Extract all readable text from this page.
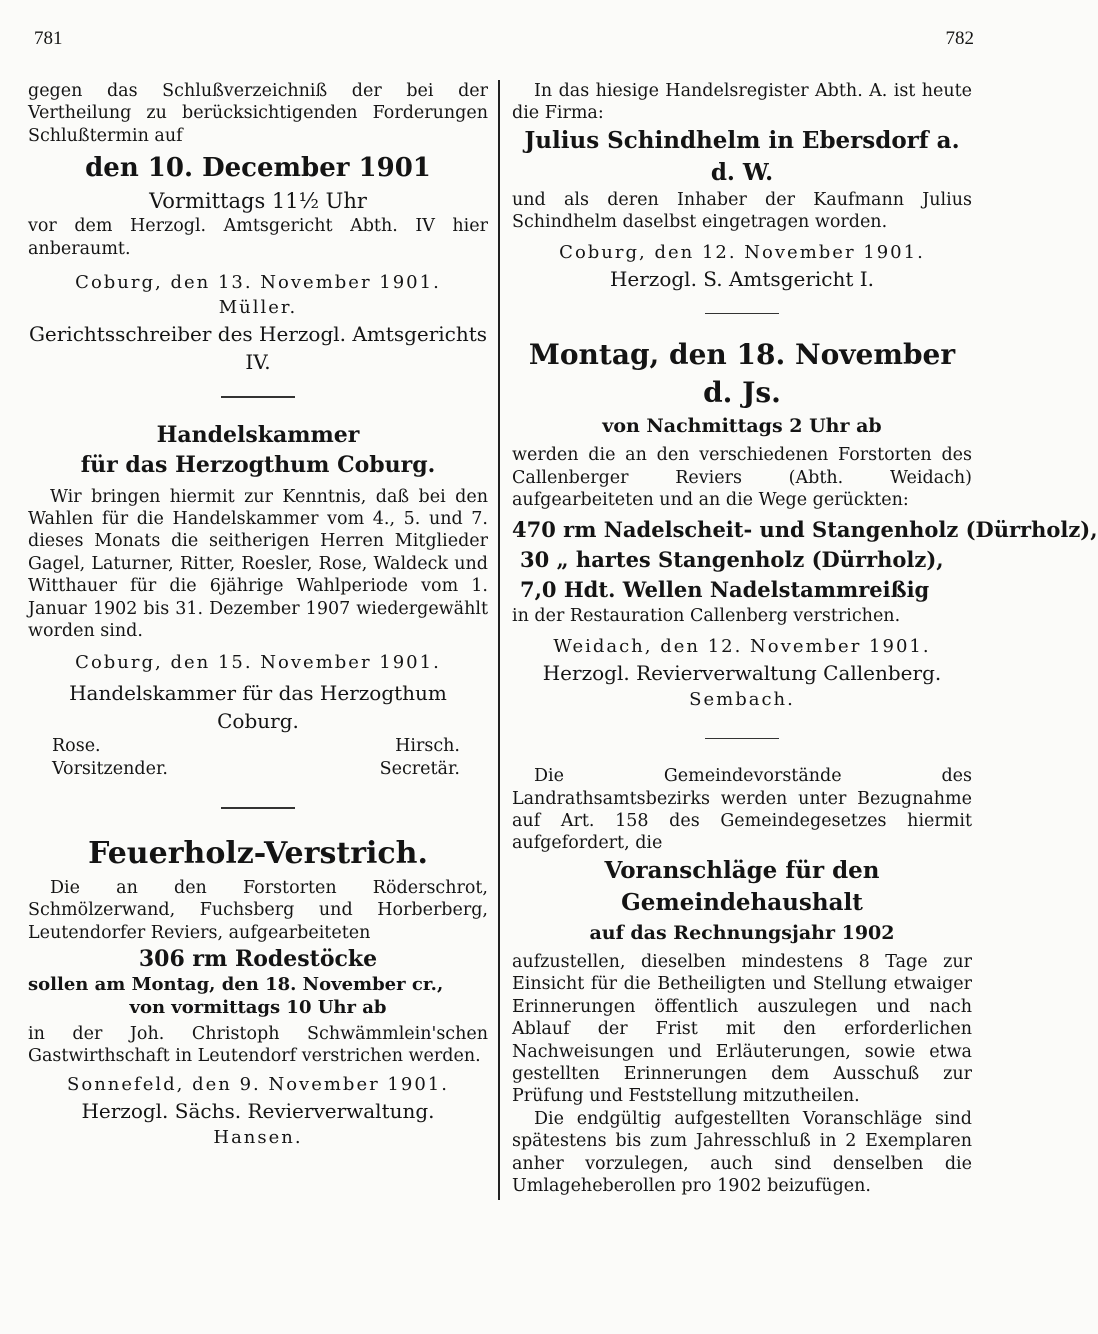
781	782

gegen das Schlußverzeichniß der bei der Vertheilung zu berücksichtigenden Forderungen Schlußtermin auf

den 10. December 1901

Vormittags 11½ Uhr

vor dem Herzogl. Amtsgericht Abth. IV hier anberaumt.

Coburg, den 13. November 1901.

Müller.

Gerichtsschreiber des Herzogl. Amtsgerichts IV.

Handelskammer

für das Herzogthum Coburg.

Wir bringen hiermit zur Kenntnis, daß bei den Wahlen für die Handelskammer vom 4., 5. und 7. dieses Monats die seitherigen Herren Mitglieder Gagel, Laturner, Ritter, Roesler, Rose, Waldeck und Witthauer für die 6jährige Wahlperiode vom 1. Januar 1902 bis 31. Dezember 1907 wiedergewählt worden sind.

Coburg, den 15. November 1901.

Handelskammer für das Herzogthum Coburg.

Rose.	Hirsch.
Vorsitzender.	Secretär.

Feuerholz-Verstrich.

Die an den Forstorten Röderschrot, Schmölzerwand, Fuchsberg und Horberberg, Leutendorfer Reviers, aufgearbeiteten

306 rm Rodestöcke

sollen am Montag, den 18. November cr.,

von vormittags 10 Uhr ab

in der Joh. Christoph Schwämmlein'schen Gastwirthschaft in Leutendorf verstrichen werden.

Sonnefeld, den 9. November 1901.

Herzogl. Sächs. Revierverwaltung.

Hansen.

In das hiesige Handelsregister Abth. A. ist heute die Firma:

Julius Schindhelm in Ebersdorf a. d. W.

und als deren Inhaber der Kaufmann Julius Schindhelm daselbst eingetragen worden.

Coburg, den 12. November 1901.

Herzogl. S. Amtsgericht I.

Montag, den 18. November d. Js.

von Nachmittags 2 Uhr ab

werden die an den verschiedenen Forstorten des Callenberger Reviers (Abth. Weidach) aufgearbeiteten und an die Wege gerückten:

470 rm Nadelscheit- und Stangenholz (Dürrholz),

30 „ hartes Stangenholz (Dürrholz),

7,0 Hdt. Wellen Nadelstammreißig

in der Restauration Callenberg verstrichen.

Weidach, den 12. November 1901.

Herzogl. Revierverwaltung Callenberg.

Sembach.

Die Gemeindevorstände des Landrathsamtsbezirks werden unter Bezugnahme auf Art. 158 des Gemeindegesetzes hiermit aufgefordert, die

Voranschläge für den Gemeindehaushalt

auf das Rechnungsjahr 1902

aufzustellen, dieselben mindestens 8 Tage zur Einsicht für die Betheiligten und Stellung etwaiger Erinnerungen öffentlich auszulegen und nach Ablauf der Frist mit den erforderlichen Nachweisungen und Erläuterungen, sowie etwa gestellten Erinnerungen dem Ausschuß zur Prüfung und Feststellung mitzutheilen.

Die endgültig aufgestellten Voranschläge sind spätestens bis zum Jahresschluß in 2 Exemplaren anher vorzulegen, auch sind denselben die Umlageheberollen pro 1902 beizufügen.
